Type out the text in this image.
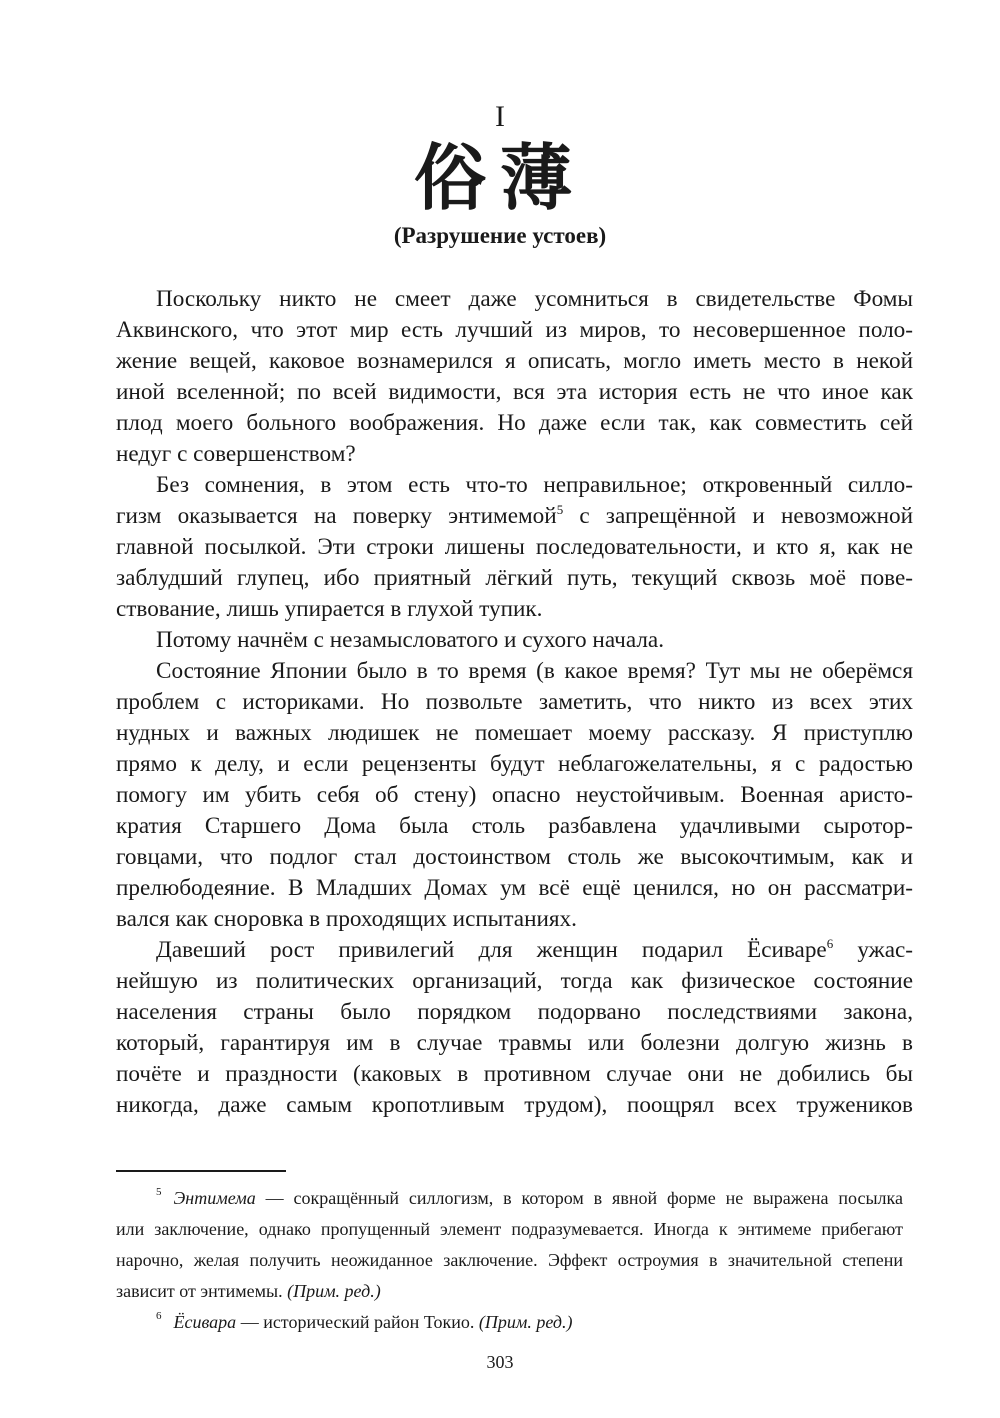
I
俗薄
(Разрушение устоев)
Поскольку никто не смеет даже усомниться в свидетельстве Фомы
Аквинского, что этот мир есть лучший из миров, то несовершенное поло-
жение вещей, каковое вознамерился я описать, могло иметь место в некой
иной вселенной; по всей видимости, вся эта история есть не что иное как
плод моего больного воображения. Но даже если так, как совместить сей
недуг с совершенством?
Без сомнения, в этом есть что-то неправильное; откровенный силло-
гизм оказывается на поверку энтимемой$^5$ с запрещённой и невозможной
главной посылкой. Эти строки лишены последовательности, и кто я, как не
заблудший глупец, ибо приятный лёгкий путь, текущий сквозь моё пове-
ствование, лишь упирается в глухой тупик.
Потому начнём с незамысловатого и сухого начала.
Состояние Японии было в то время (в какое время? Тут мы не оберёмся
проблем с историками. Но позвольте заметить, что никто из всех этих
нудных и важных людишек не помешает моему рассказу. Я приступлю
прямо к делу, и если рецензенты будут неблагожелательны, я с радостью
помогу им убить себя об стену) опасно неустойчивым. Военная аристо-
кратия Старшего Дома была столь разбавлена удачливыми сыротор-
говцами, что подлог стал достоинством столь же высокочтимым, как и
прелюбодеяние. В Младших Домах ум всё ещё ценился, но он рассматри-
вался как сноровка в проходящих испытаниях.
Давеший рост привилегий для женщин подарил Ёсиваре$^6$ ужас-
нейшую из политических организаций, тогда как физическое состояние
населения страны было порядком подорвано последствиями закона,
который, гарантируя им в случае травмы или болезни долгую жизнь в
почёте и праздности (каковых в противном случае они не добились бы
никогда, даже самым кропотливым трудом), поощрял всех тружеников
$^5$ Энтимема — сокращённый силлогизм, в котором в явной форме не выражена посылка
или заключение, однако пропущенный элемент подразумевается. Иногда к энтимеме прибегают
нарочно, желая получить неожиданное заключение. Эффект остроумия в значительной степени
зависит от энтимемы. (Прим. ред.)
$^6$ Ёсивара — исторический район Токио. (Прим. ред.)
303
